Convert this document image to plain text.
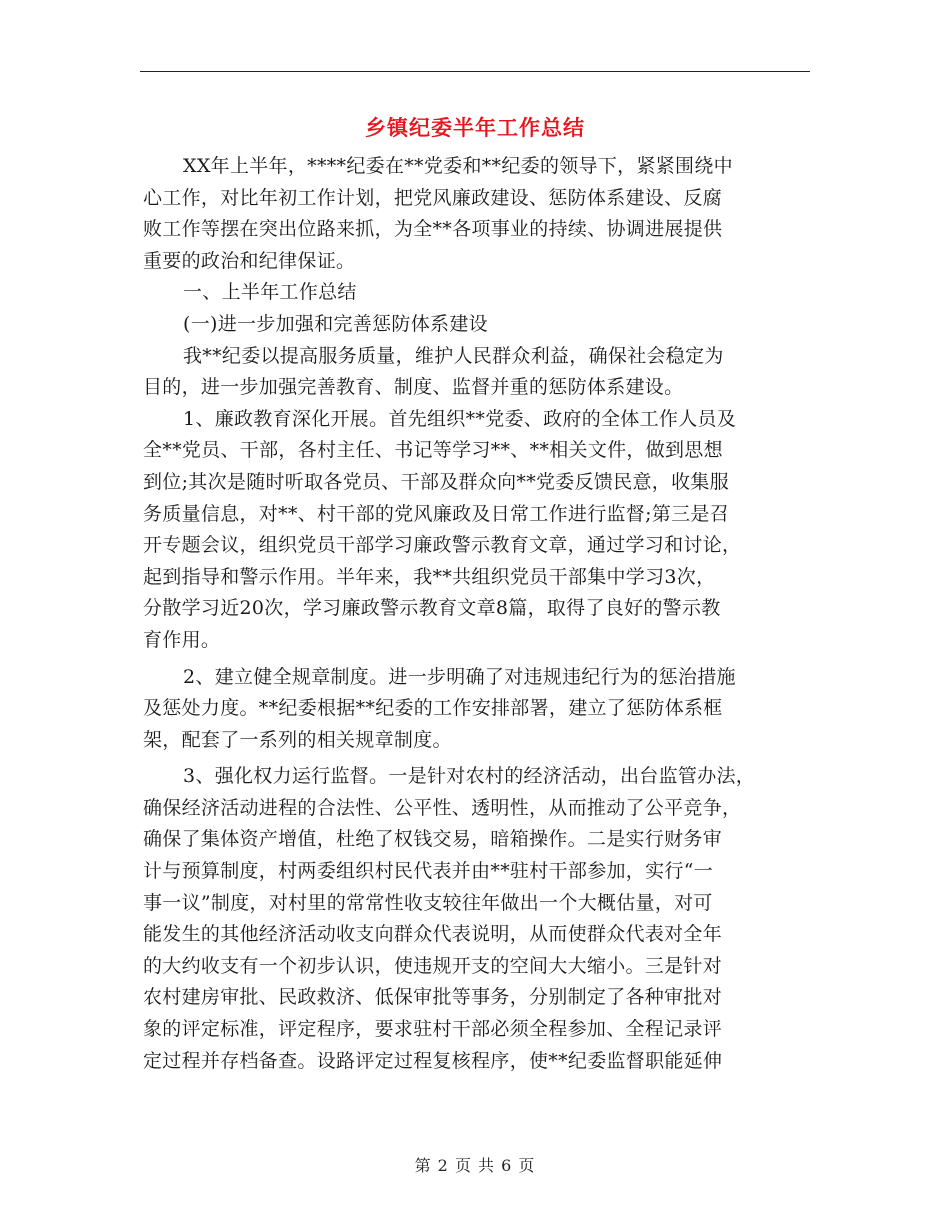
乡镇纪委半年工作总结
XX年上半年，****纪委在**党委和**纪委的领导下，紧紧围绕中
心工作，对比年初工作计划，把党风廉政建设、惩防体系建设、反腐
败工作等摆在突出位路来抓，为全**各项事业的持续、协调进展提供
重要的政治和纪律保证。
一、上半年工作总结
(一)进一步加强和完善惩防体系建设
我**纪委以提高服务质量，维护人民群众利益，确保社会稳定为
目的，进一步加强完善教育、制度、监督并重的惩防体系建设。
1、廉政教育深化开展。首先组织**党委、政府的全体工作人员及
全**党员、干部，各村主任、书记等学习**、**相关文件，做到思想
到位;其次是随时听取各党员、干部及群众向**党委反馈民意，收集服
务质量信息，对**、村干部的党风廉政及日常工作进行监督;第三是召
开专题会议，组织党员干部学习廉政警示教育文章，通过学习和讨论，
起到指导和警示作用。半年来，我**共组织党员干部集中学习3次，
分散学习近20次，学习廉政警示教育文章8篇，取得了良好的警示教
育作用。
2、建立健全规章制度。进一步明确了对违规违纪行为的惩治措施
及惩处力度。**纪委根据**纪委的工作安排部署，建立了惩防体系框
架，配套了一系列的相关规章制度。
3、强化权力运行监督。一是针对农村的经济活动，出台监管办法，
确保经济活动进程的合法性、公平性、透明性，从而推动了公平竞争，
确保了集体资产增值，杜绝了权钱交易，暗箱操作。二是实行财务审
计与预算制度，村两委组织村民代表并由**驻村干部参加，实行“一
事一议”制度，对村里的常常性收支较往年做出一个大概估量，对可
能发生的其他经济活动收支向群众代表说明，从而使群众代表对全年
的大约收支有一个初步认识，使违规开支的空间大大缩小。三是针对
农村建房审批、民政救济、低保审批等事务，分别制定了各种审批对
象的评定标准，评定程序，要求驻村干部必须全程参加、全程记录评
定过程并存档备查。设路评定过程复核程序，使**纪委监督职能延伸
第 2 页 共 6 页
